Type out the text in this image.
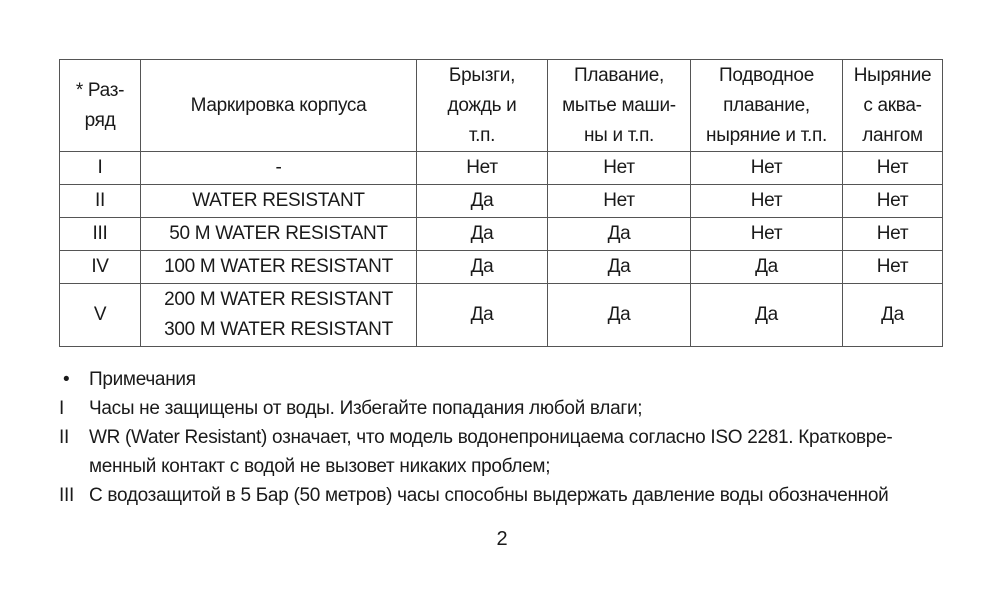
* Раз-
ряд	Маркировка корпуса	Брызги,
дождь и
т.п.	Плавание,
мытье маши-
ны и т.п.	Подводное
плавание,
ныряние и т.п.	Ныряние
с аква-
лангом

I	-	Нет	Нет	Нет	Нет
II	WATER RESISTANT	Да	Нет	Нет	Нет
III	50 M WATER RESISTANT	Да	Да	Нет	Нет
IV	100 M WATER RESISTANT	Да	Да	Да	Нет
V	200 M WATER RESISTANT
300 M WATER RESISTANT	Да	Да	Да	Да
•	Примечания
I	Часы не защищены от воды. Избегайте попадания любой влаги;
II	WR (Water Resistant) означает, что модель водонепроницаема согласно ISO 2281. Кратковре-
менный контакт с водой не вызовет никаких проблем;
III С водозащитой в 5 Бар (50 метров) часы способны выдержать давление воды обозначенной
2
